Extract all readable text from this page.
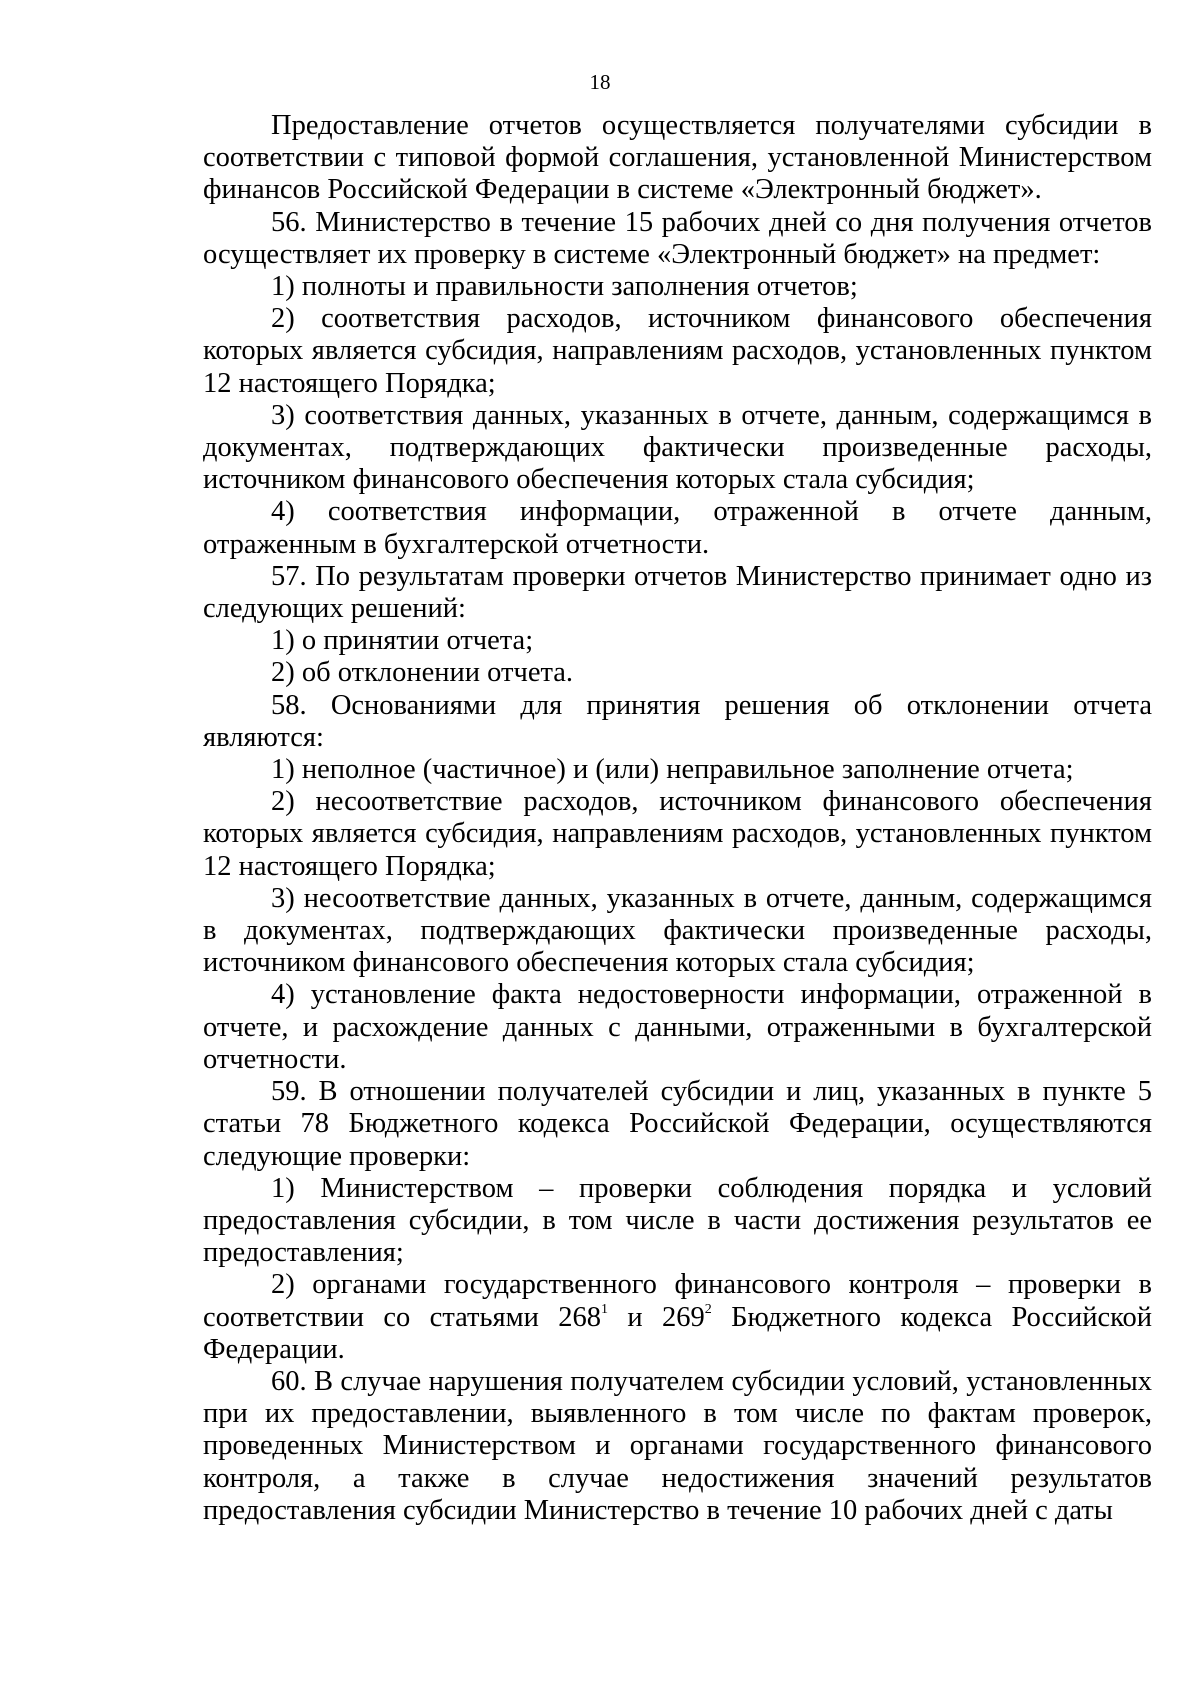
18

Предоставление отчетов осуществляется получателями субсидии в соответствии с типовой формой соглашения, установленной Министерством финансов Российской Федерации в системе «Электронный бюджет».

56. Министерство в течение 15 рабочих дней со дня получения отчетов осуществляет их проверку в системе «Электронный бюджет» на предмет:

1) полноты и правильности заполнения отчетов;

2) соответствия расходов, источником финансового обеспечения которых является субсидия, направлениям расходов, установленных пунктом 12 настоящего Порядка;

3) соответствия данных, указанных в отчете, данным, содержащимся в документах, подтверждающих фактически произведенные расходы, источником финансового обеспечения которых стала субсидия;

4) соответствия информации, отраженной в отчете данным, отраженным в бухгалтерской отчетности.

57. По результатам проверки отчетов Министерство принимает одно из следующих решений:

1) о принятии отчета;

2) об отклонении отчета.

58. Основаниями для принятия решения об отклонении отчета являются:

1) неполное (частичное) и (или) неправильное заполнение отчета;

2) несоответствие расходов, источником финансового обеспечения которых является субсидия, направлениям расходов, установленных пунктом 12 настоящего Порядка;

3) несоответствие данных, указанных в отчете, данным, содержащимся в документах, подтверждающих фактически произведенные расходы, источником финансового обеспечения которых стала субсидия;

4) установление факта недостоверности информации, отраженной в отчете, и расхождение данных с данными, отраженными в бухгалтерской отчетности.

59. В отношении получателей субсидии и лиц, указанных в пункте 5 статьи 78 Бюджетного кодекса Российской Федерации, осуществляются следующие проверки:

1) Министерством – проверки соблюдения порядка и условий предоставления субсидии, в том числе в части достижения результатов ее предоставления;

2) органами государственного финансового контроля – проверки в соответствии со статьями $268^1$ и $269^2$ Бюджетного кодекса Российской Федерации.

60. В случае нарушения получателем субсидии условий, установленных при их предоставлении, выявленного в том числе по фактам проверок, проведенных Министерством и органами государственного финансового контроля, а также в случае недостижения значений результатов предоставления субсидии Министерство в течение 10 рабочих дней с даты
